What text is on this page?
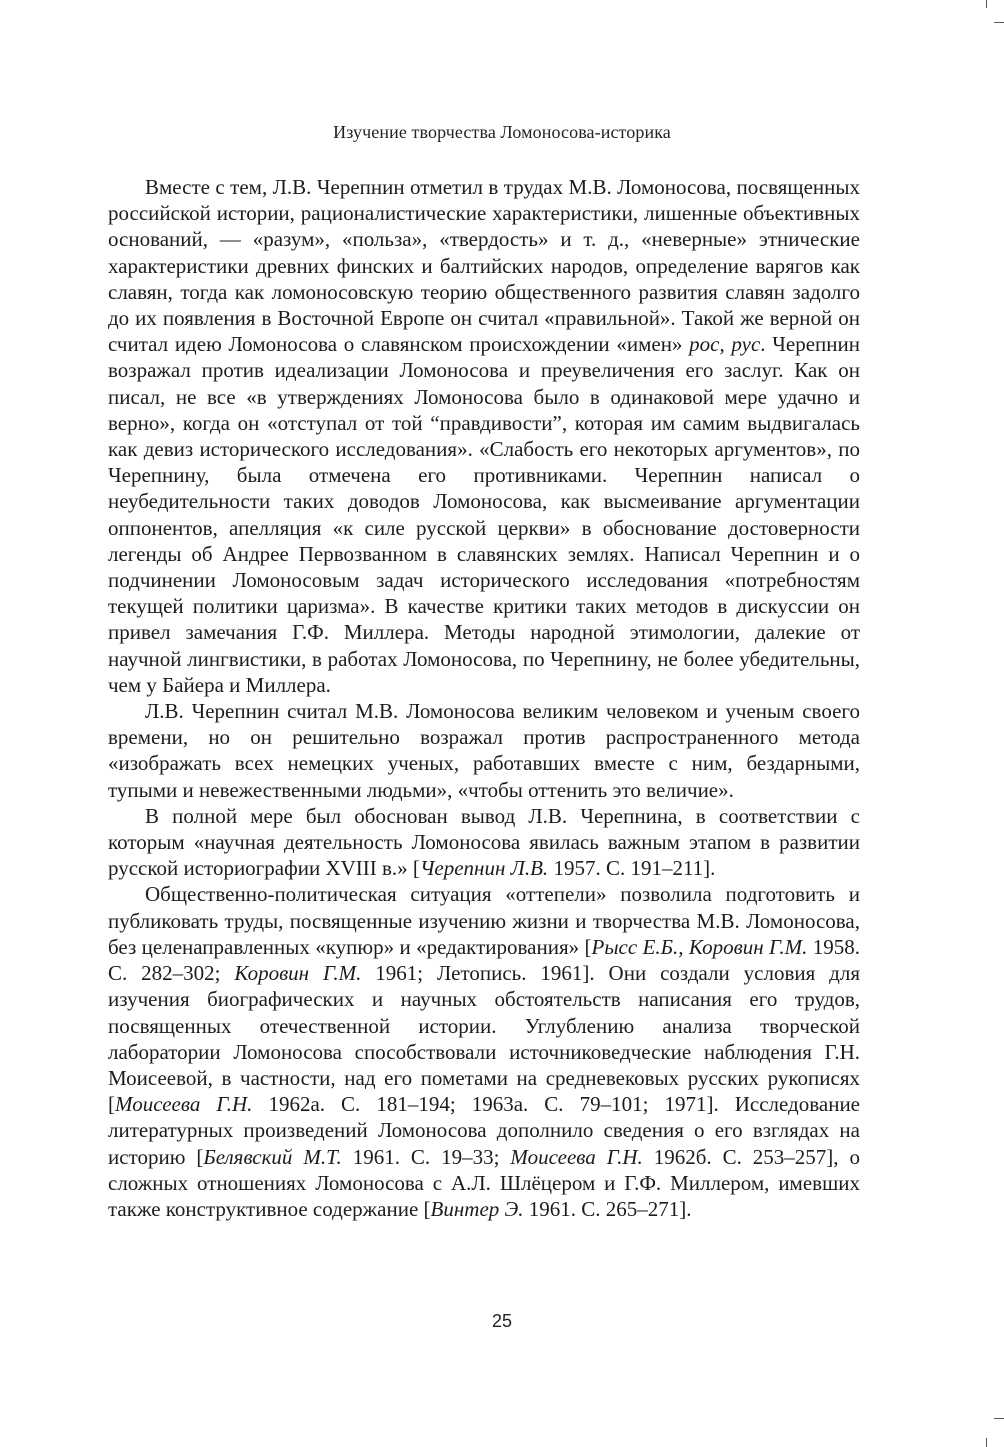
Изучение творчества Ломоносова-историка

Вместе с тем, Л.В. Черепнин отметил в трудах М.В. Ломоносова, посвященных российской истории, рационалистические характеристики, лишенные объективных оснований, — «разум», «польза», «твердость» и т. д., «неверные» этнические характеристики древних финских и балтийских народов, определение варягов как славян, тогда как ломоносовскую теорию общественного развития славян задолго до их появления в Восточной Европе он считал «правильной». Такой же верной он считал идею Ломоносова о славянском происхождении «имен» рос, рус. Черепнин возражал против идеализации Ломоносова и преувеличения его заслуг. Как он писал, не все «в утверждениях Ломоносова было в одинаковой мере удачно и верно», когда он «отступал от той “правдивости”, которая им самим выдвигалась как девиз исторического исследования». «Слабость его некоторых аргументов», по Черепнину, была отмечена его противниками. Черепнин написал о неубедительности таких доводов Ломоносова, как высмеивание аргументации оппонентов, апелляция «к силе русской церкви» в обоснование достоверности легенды об Андрее Первозванном в славянских землях. Написал Черепнин и о подчинении Ломоносовым задач исторического исследования «потребностям текущей политики царизма». В качестве критики таких методов в дискуссии он привел замечания Г.Ф. Миллера. Методы народной этимологии, далекие от научной лингвистики, в работах Ломоносова, по Черепнину, не более убедительны, чем у Байера и Миллера.

Л.В. Черепнин считал М.В. Ломоносова великим человеком и ученым своего времени, но он решительно возражал против распространенного метода «изображать всех немецких ученых, работавших вместе с ним, бездарными, тупыми и невежественными людьми», «чтобы оттенить это величие».

В полной мере был обоснован вывод Л.В. Черепнина, в соответствии с которым «научная деятельность Ломоносова явилась важным этапом в развитии русской историографии XVIII в.» [Черепнин Л.В. 1957. С. 191–211].

Общественно-политическая ситуация «оттепели» позволила подготовить и публиковать труды, посвященные изучению жизни и творчества М.В. Ломоносова, без целенаправленных «купюр» и «редактирования» [Рысс Е.Б., Коровин Г.М. 1958. С. 282–302; Коровин Г.М. 1961; Летопись. 1961]. Они создали условия для изучения биографических и научных обстоятельств написания его трудов, посвященных отечественной истории. Углублению анализа творческой лаборатории Ломоносова способствовали источниковедческие наблюдения Г.Н. Моисеевой, в частности, над его пометами на средневековых русских рукописях [Моисеева Г.Н. 1962а. С. 181–194; 1963а. С. 79–101; 1971]. Исследование литературных произведений Ломоносова дополнило сведения о его взглядах на историю [Белявский М.Т. 1961. С. 19–33; Моисеева Г.Н. 1962б. С. 253–257], о сложных отношениях Ломоносова с А.Л. Шлёцером и Г.Ф. Миллером, имевших также конструктивное содержание [Винтер Э. 1961. С. 265–271].

25
